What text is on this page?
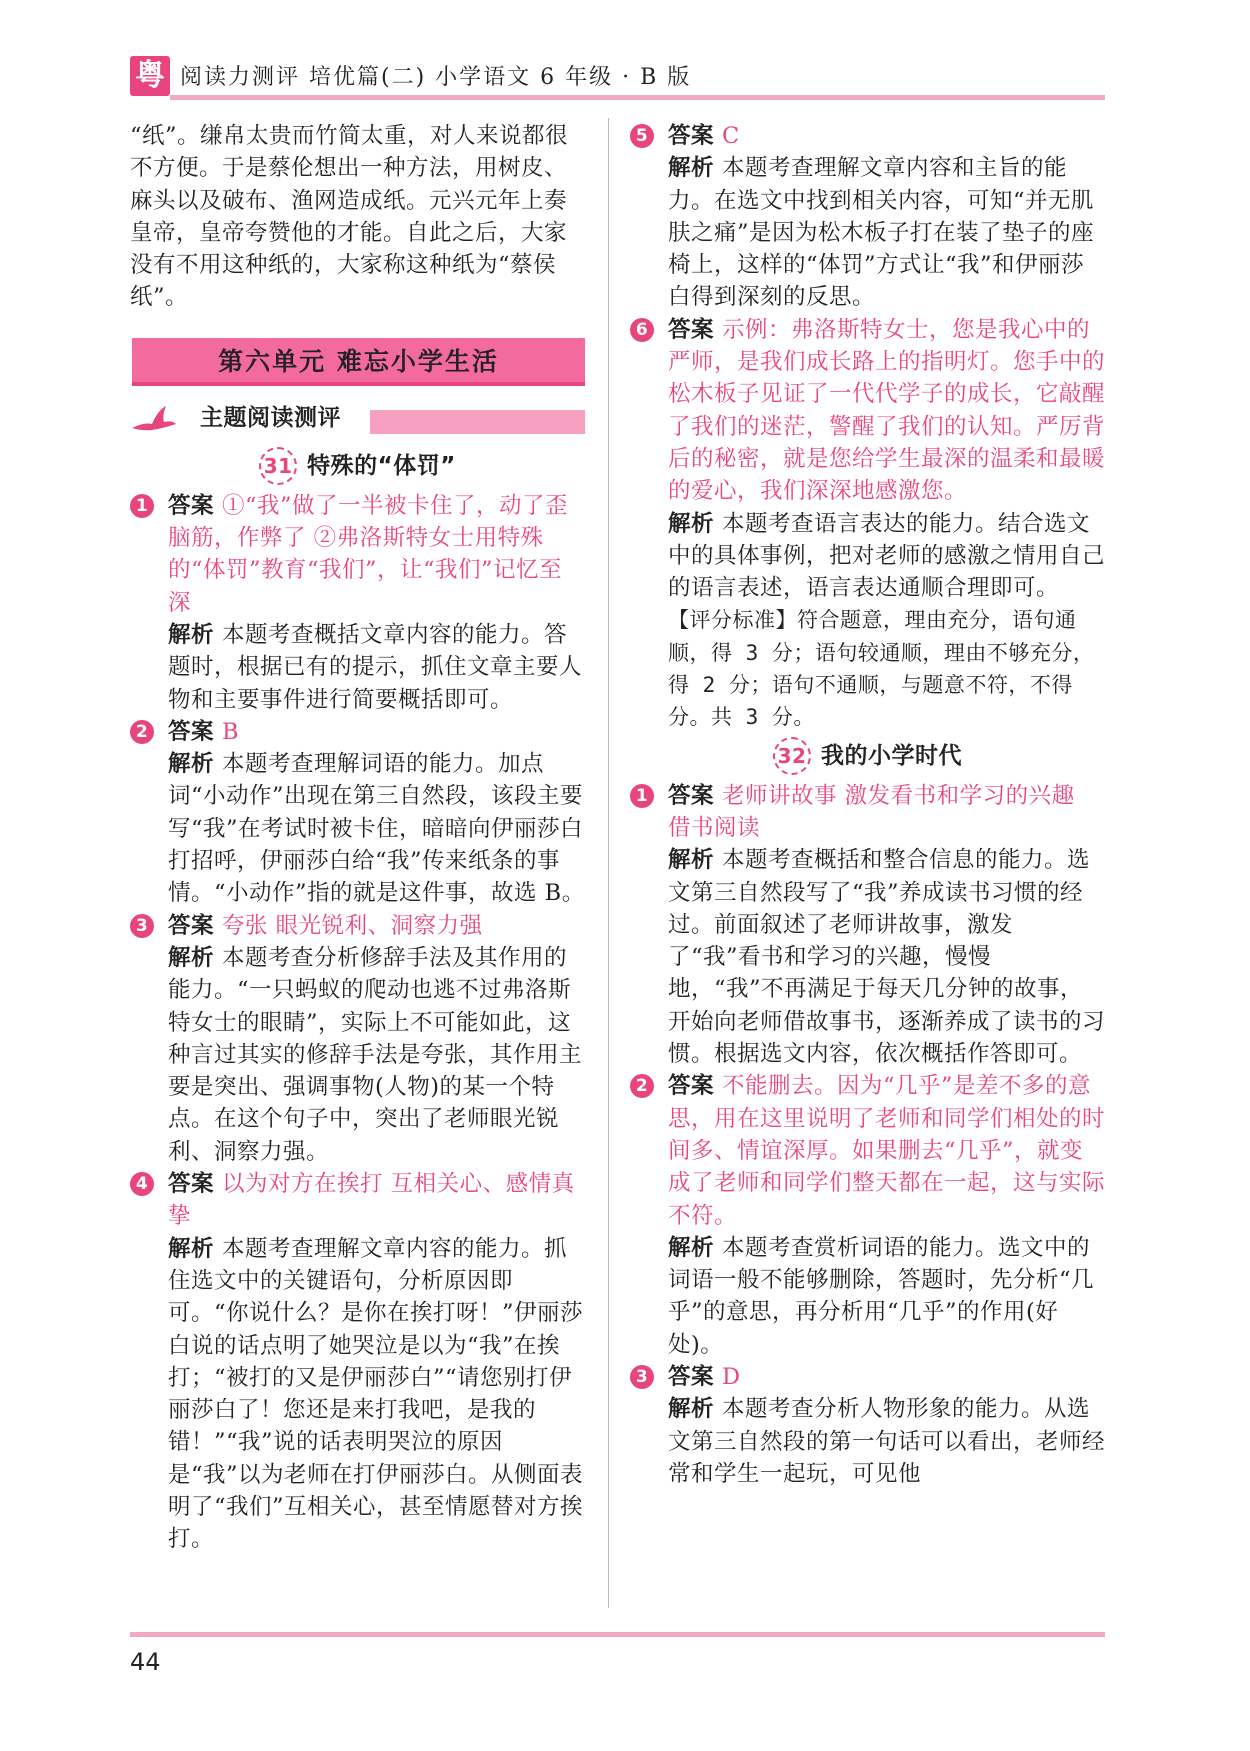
粤 阅读力测评 培优篇(二) 小学语文 6 年级 · B 版

“纸”。缣帛太贵而竹简太重，对人来说都很不方便。于是蔡伦想出一种方法，用树皮、麻头以及破布、渔网造成纸。元兴元年上奏皇帝，皇帝夸赞他的才能。自此之后，大家没有不用这种纸的，大家称这种纸为“蔡侯纸”。

第六单元 难忘小学生活
主题阅读测评
31 特殊的“体罚”
1 答案 ①“我”做了一半被卡住了，动了歪脑筋，作弊了 ②弗洛斯特女士用特殊的“体罚”教育“我们”，让“我们”记忆至深

解析 本题考查概括文章内容的能力。答题时，根据已有的提示，抓住文章主要人物和主要事件进行简要概括即可。

2 答案 B

解析 本题考查理解词语的能力。加点词“小动作”出现在第三自然段，该段主要写“我”在考试时被卡住，暗暗向伊丽莎白打招呼，伊丽莎白给“我”传来纸条的事情。“小动作”指的就是这件事，故选 B。

3 答案 夸张 眼光锐利、洞察力强

解析 本题考查分析修辞手法及其作用的能力。“一只蚂蚁的爬动也逃不过弗洛斯特女士的眼睛”，实际上不可能如此，这种言过其实的修辞手法是夸张，其作用主要是突出、强调事物(人物)的某一个特点。在这个句子中，突出了老师眼光锐利、洞察力强。

4 答案 以为对方在挨打 互相关心、感情真挚

解析 本题考查理解文章内容的能力。抓住选文中的关键语句，分析原因即可。“你说什么？是你在挨打呀！”伊丽莎白说的话点明了她哭泣是以为“我”在挨打；“被打的又是伊丽莎白”“请您别打伊丽莎白了！您还是来打我吧，是我的错！”“我”说的话表明哭泣的原因是“我”以为老师在打伊丽莎白。从侧面表明了“我们”互相关心，甚至情愿替对方挨打。

5 答案 C

解析 本题考查理解文章内容和主旨的能力。在选文中找到相关内容，可知“并无肌肤之痛”是因为松木板子打在装了垫子的座椅上，这样的“体罚”方式让“我”和伊丽莎白得到深刻的反思。

6 答案 示例：弗洛斯特女士，您是我心中的严师，是我们成长路上的指明灯。您手中的松木板子见证了一代代学子的成长，它敲醒了我们的迷茫，警醒了我们的认知。严厉背后的秘密，就是您给学生最深的温柔和最暖的爱心，我们深深地感激您。

解析 本题考查语言表达的能力。结合选文中的具体事例，把对老师的感激之情用自己的语言表述，语言表达通顺合理即可。

【评分标准】符合题意，理由充分，语句通顺，得 3 分；语句较通顺，理由不够充分，得 2 分；语句不通顺，与题意不符，不得分。共 3 分。

32 我的小学时代
1 答案 老师讲故事 激发看书和学习的兴趣 借书阅读

解析 本题考查概括和整合信息的能力。选文第三自然段写了“我”养成读书习惯的经过。前面叙述了老师讲故事，激发了“我”看书和学习的兴趣，慢慢地，“我”不再满足于每天几分钟的故事，开始向老师借故事书，逐渐养成了读书的习惯。根据选文内容，依次概括作答即可。

2 答案 不能删去。因为“几乎”是差不多的意思，用在这里说明了老师和同学们相处的时间多、情谊深厚。如果删去“几乎”，就变成了老师和同学们整天都在一起，这与实际不符。

解析 本题考查赏析词语的能力。选文中的词语一般不能够删除，答题时，先分析“几乎”的意思，再分析用“几乎”的作用(好处)。

3 答案 D

解析 本题考查分析人物形象的能力。从选文第三自然段的第一句话可以看出，老师经常和学生一起玩，可见他

44
